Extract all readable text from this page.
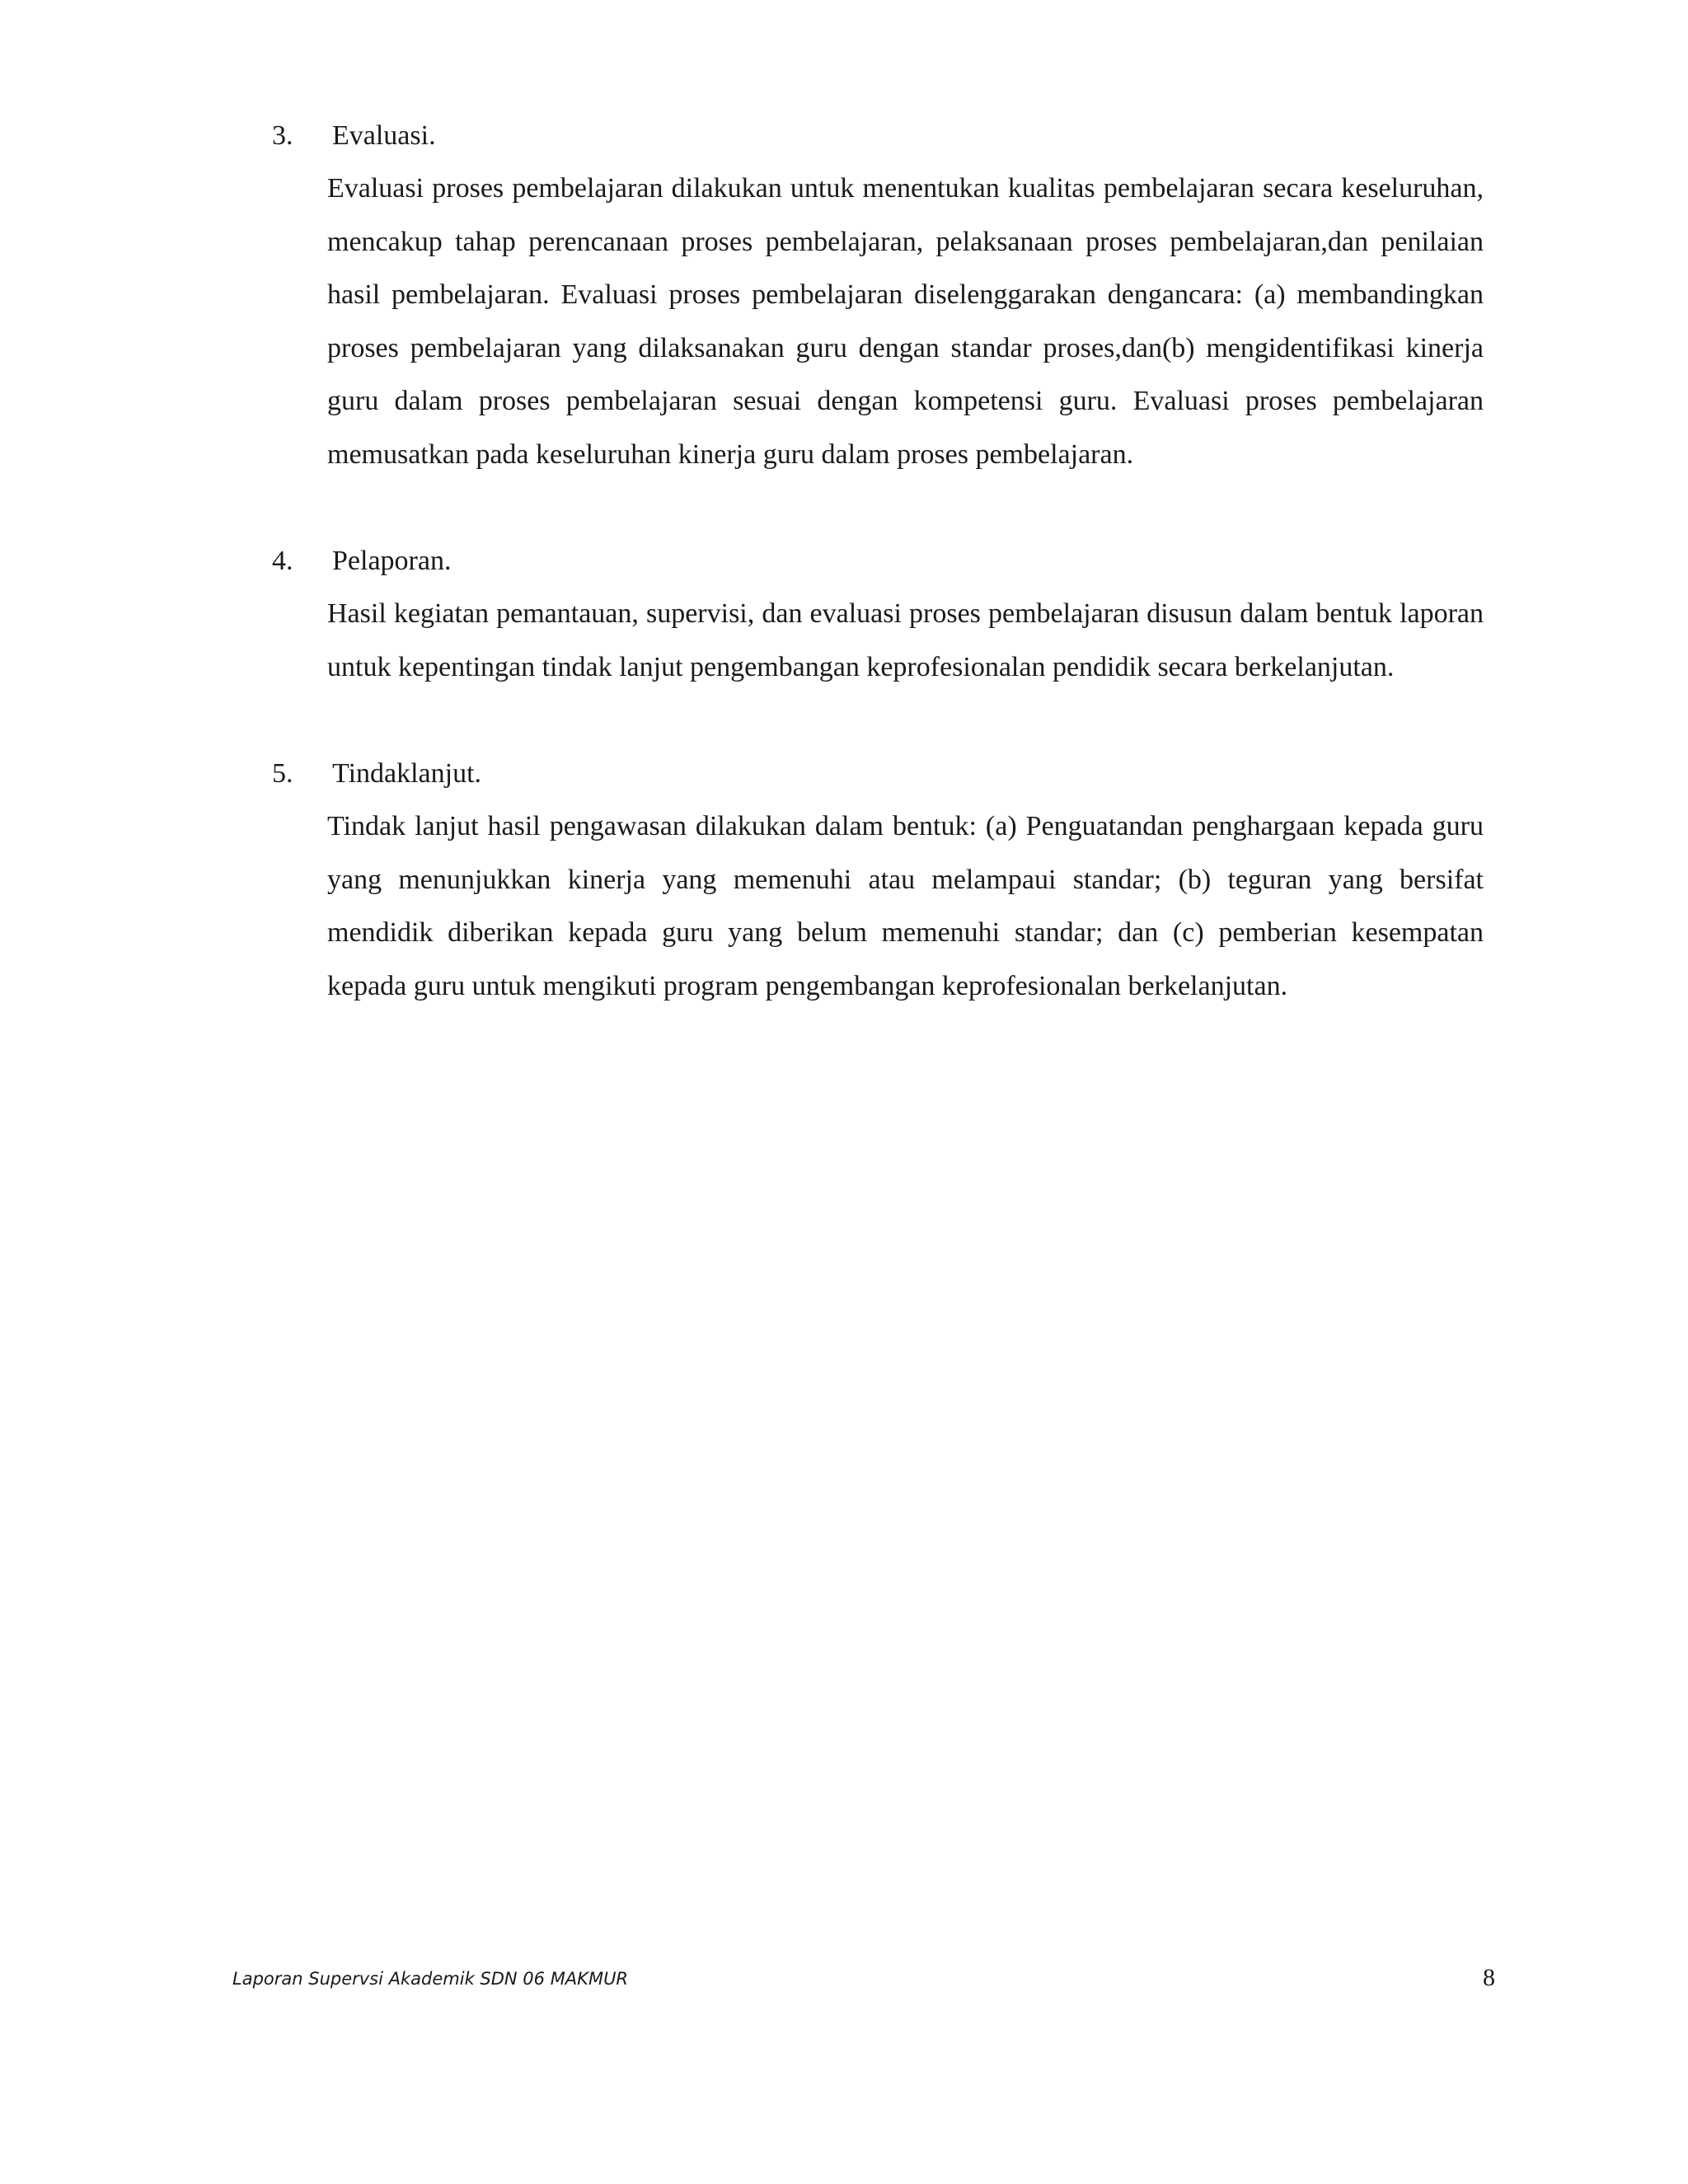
3. Evaluasi.
Evaluasi proses pembelajaran dilakukan untuk menentukan kualitas pembelajaran secara keseluruhan, mencakup tahap perencanaan proses pembelajaran, pelaksanaan proses pembelajaran,dan penilaian hasil pembelajaran. Evaluasi proses pembelajaran diselenggarakan dengancara: (a) membandingkan proses pembelajaran yang dilaksanakan guru dengan standar proses,dan(b) mengidentifikasi kinerja guru dalam proses pembelajaran sesuai dengan kompetensi guru. Evaluasi proses pembelajaran memusatkan pada keseluruhan kinerja guru dalam proses pembelajaran.
4. Pelaporan.
Hasil kegiatan pemantauan, supervisi, dan evaluasi proses pembelajaran disusun dalam bentuk laporan untuk kepentingan tindak lanjut pengembangan keprofesionalan pendidik secara berkelanjutan.
5. Tindaklanjut.
Tindak lanjut hasil pengawasan dilakukan dalam bentuk: (a) Penguatandan penghargaan kepada guru yang menunjukkan kinerja yang memenuhi atau melampaui standar; (b) teguran yang bersifat mendidik diberikan kepada guru yang belum memenuhi standar; dan (c) pemberian kesempatan kepada guru untuk mengikuti program pengembangan keprofesionalan berkelanjutan.
Laporan Supervsi Akademik SDN 06 MAKMUR	8
